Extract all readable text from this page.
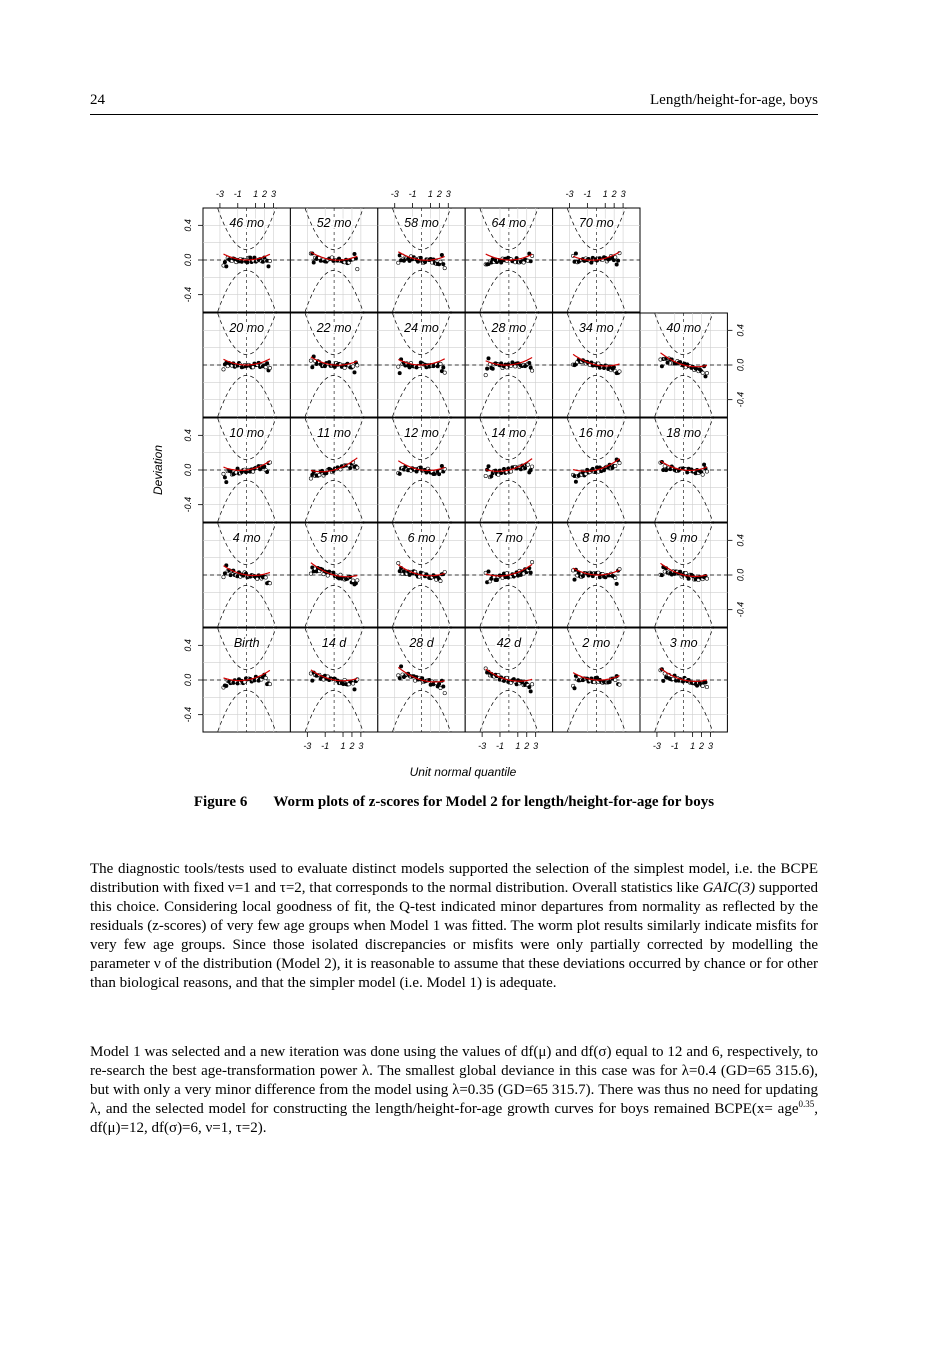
24	Length/height-for-age, boys
46 mo	52 mo	58 mo	64 mo	70 mo
20 mo	22 mo	24 mo	28 mo	34 mo	40 mo
10 mo	11 mo	12 mo	14 mo	16 mo	18 mo
4 mo	5 mo	6 mo	7 mo	8 mo	9 mo
Birth	14 d	28 d	42 d	2 mo	3 mo
-0.4
0.0
0.4
-0.4
0.0
0.4
-0.4
0.0
0.4
-0.4
0.0
0.4
-0.4
0.0
0.4
-3 -1 1 2 3	-3 -1 1 2 3	-3 -1 1 2 3
-3 -1 1 2 3	-3 -1 1 2 3	-3 -1 1 2 3
Deviation
Unit normal quantile
Figure 6 Worm plots of z-scores for Model 2 for length/height-for-age for boys

The diagnostic tools/tests used to evaluate distinct models supported the selection of the simplest model, i.e. the BCPE distribution with fixed ν=1 and τ=2, that corresponds to the normal distribution. Overall statistics like GAIC(3) supported this choice. Considering local goodness of fit, the Q-test indicated minor departures from normality as reflected by the residuals (z-scores) of very few age groups when Model 1 was fitted. The worm plot results similarly indicate misfits for very few age groups. Since those isolated discrepancies or misfits were only partially corrected by modelling the parameter ν of the distribution (Model 2), it is reasonable to assume that these deviations occurred by chance or for other than biological reasons, and that the simpler model (i.e. Model 1) is adequate.

Model 1 was selected and a new iteration was done using the values of df(μ) and df(σ) equal to 12 and 6, respectively, to re-search the best age-transformation power λ. The smallest global deviance in this case was for λ=0.4 (GD=65 315.6), but with only a very minor difference from the model using λ=0.35 (GD=65 315.7). There was thus no need for updating λ, and the selected model for constructing the length/height-for-age growth curves for boys remained BCPE(x= age$^{0.35}$, df(μ)=12, df(σ)=6, ν=1, τ=2).
